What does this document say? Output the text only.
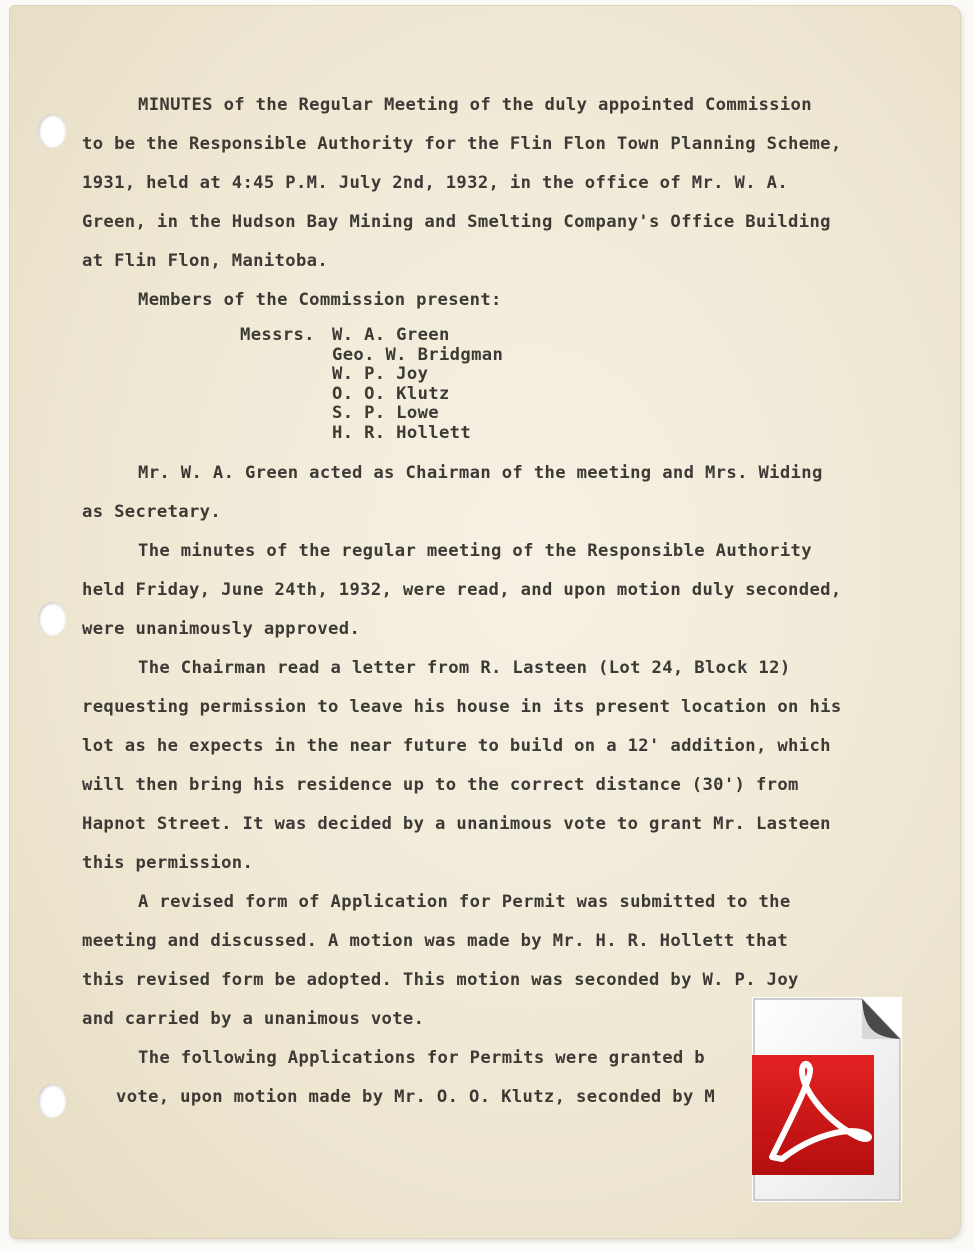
MINUTES of the Regular Meeting of the duly appointed Commission

to be the Responsible Authority for the Flin Flon Town Planning Scheme,

1931, held at 4:45 P.M. July 2nd, 1932, in the office of Mr. W. A.

Green, in the Hudson Bay Mining and Smelting Company's Office Building

at Flin Flon, Manitoba.

Members of the Commission present:

Messrs. W. A. Green
Geo. W. Bridgman
W. P. Joy
O. O. Klutz
S. P. Lowe
H. R. Hollett

Mr. W. A. Green acted as Chairman of the meeting and Mrs. Widing

as Secretary.

The minutes of the regular meeting of the Responsible Authority

held Friday, June 24th, 1932, were read, and upon motion duly seconded,

were unanimously approved.

The Chairman read a letter from R. Lasteen (Lot 24, Block 12)

requesting permission to leave his house in its present location on his

lot as he expects in the near future to build on a 12' addition, which

will then bring his residence up to the correct distance (30') from

Hapnot Street. It was decided by a unanimous vote to grant Mr. Lasteen

this permission.

A revised form of Application for Permit was submitted to the

meeting and discussed. A motion was made by Mr. H. R. Hollett that

this revised form be adopted. This motion was seconded by W. P. Joy

and carried by a unanimous vote.

The following Applications for Permits were granted b

vote, upon motion made by Mr. O. O. Klutz, seconded by M
